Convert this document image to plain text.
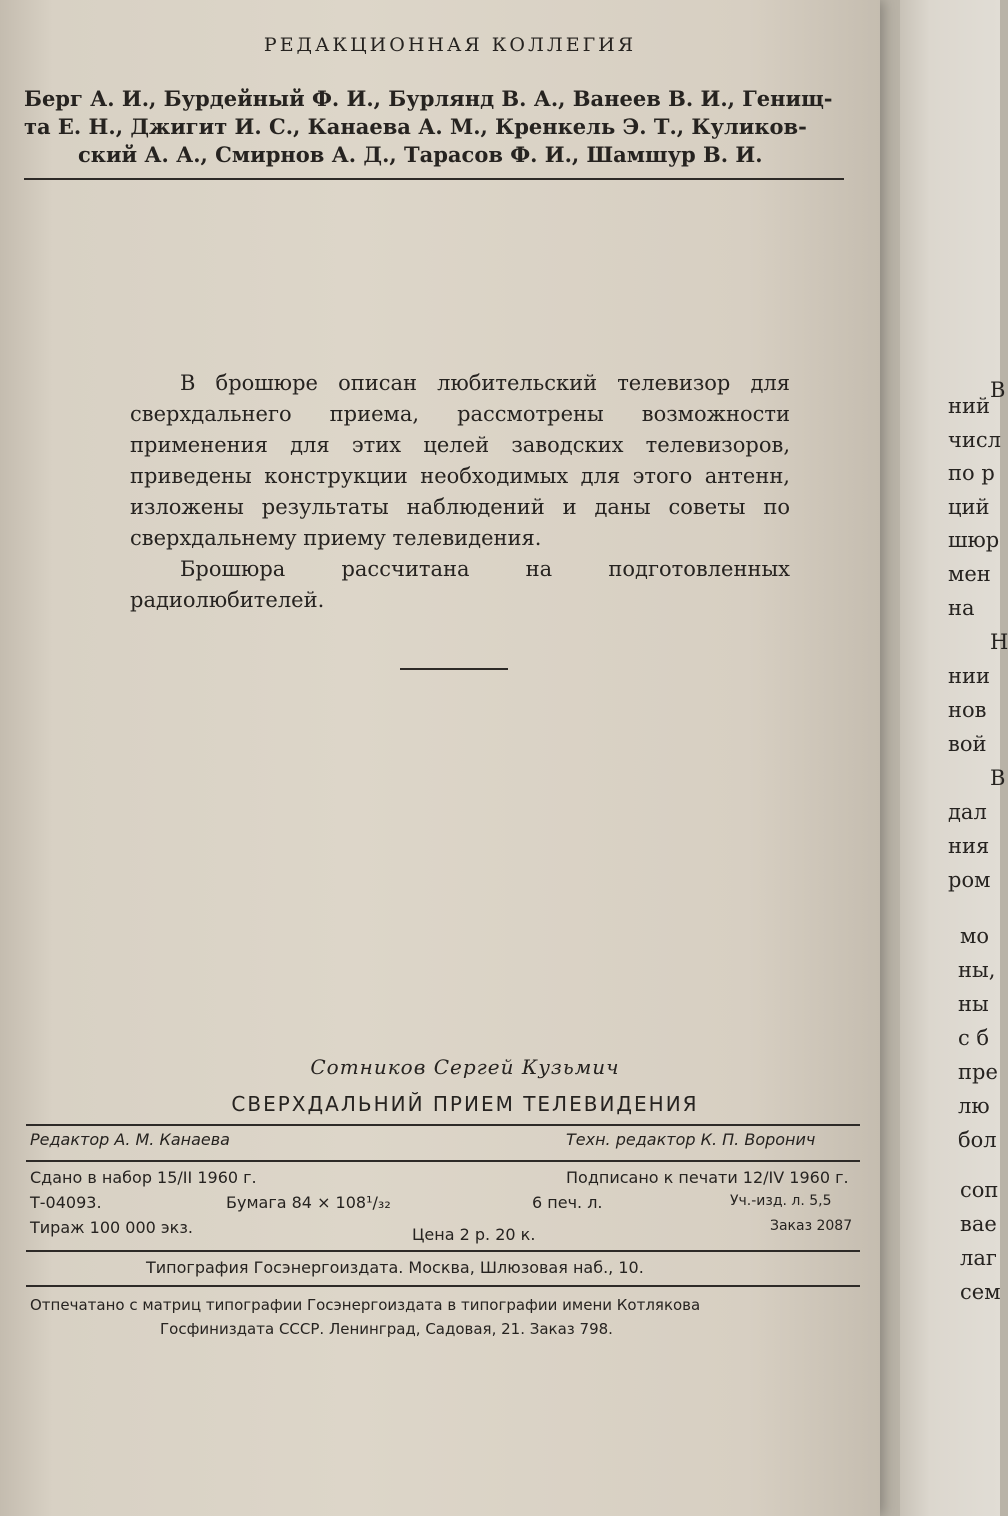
РЕДАКЦИОННАЯ КОЛЛЕГИЯ
Берг А. И., Бурдейный Ф. И., Бурлянд В. А., Ванеев В. И., Генищ-
та Е. Н., Джигит И. С., Канаева А. М., Кренкель Э. Т., Куликов-
ский А. А., Смирнов А. Д., Тарасов Ф. И., Шамшур В. И.

В брошюре описан любительский телевизор для сверхдальнего приема, рассмотрены возможности применения для этих целей заводских телевизоров, приведены конструкции необходимых для этого антенн, изложены результаты наблюдений и даны советы по сверхдальнему приему телевидения.

Брошюра рассчитана на подготовленных радиолюбителей.

Сотников Сергей Кузьмич
СВЕРХДАЛЬНИЙ ПРИЕМ ТЕЛЕВИДЕНИЯ
Редактор А. М. Канаева	Техн. редактор К. П. Воронич
Сдано в набор 15/II 1960 г.	Подписано к печати 12/IV 1960 г.
Т-04093.	Бумага 84 × 108¹/₃₂	6 печ. л.	Уч.-изд. л. 5,5
Тираж 100 000 экз.	Цена 2 р. 20 к.	Заказ 2087
Типография Госэнергоиздата. Москва, Шлюзовая наб., 10.
Отпечатано с матриц типографии Госэнергоиздата в типографии имени Котлякова
Госфиниздата СССР. Ленинград, Садовая, 21. Заказ 798.
В
ний
числ
по р
ций
шюр
мен
на
Н
нии
нов
вой
В
дал
ния
ром
мо
ны,
ны
с б
пре
лю
бол
соп
вае
лаг
сем
